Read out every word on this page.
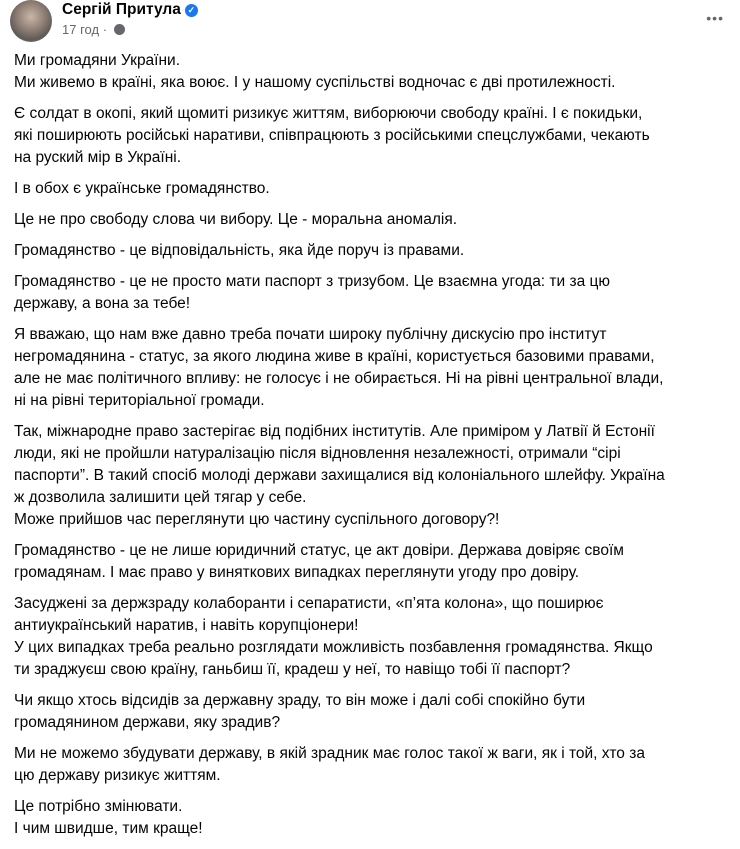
Сергій Притула ✓
17 год ·
•••
Ми громадяни України.
Ми живемо в країні, яка воює. І у нашому суспільстві водночас є дві протилежності.
Є солдат в окопі, який щомиті ризикує життям, виборюючи свободу країні. І є покидьки,
які поширюють російські наративи, співпрацюють з російськими спецслужбами, чекають
на руский мір в Україні.
І в обох є українське громадянство.
Це не про свободу слова чи вибору. Це - моральна аномалія.
Громадянство - це відповідальність, яка йде поруч із правами.
Громадянство - це не просто мати паспорт з тризубом. Це взаємна угода: ти за цю
державу, а вона за тебе!
Я вважаю, що нам вже давно треба почати широку публічну дискусію про інститут
негромадянина - статус, за якого людина живе в країні, користується базовими правами,
але не має політичного впливу: не голосує і не обирається. Ні на рівні центральної влади,
ні на рівні територіальної громади.
Так, міжнародне право застерігає від подібних інститутів. Але приміром у Латвії й Естонії
люди, які не пройшли натуралізацію після відновлення незалежності, отримали “сірі
паспорти”. В такий спосіб молоді держави захищалися від колоніального шлейфу. Україна
ж дозволила залишити цей тягар у себе.
Може прийшов час переглянути цю частину суспільного договору?!
Громадянство - це не лише юридичний статус, це акт довіри. Держава довіряє своїм
громадянам. І має право у виняткових випадках переглянути угоду про довіру.
Засуджені за держзраду колаборанти і сепаратисти, «п’ята колона», що поширює
антиукраїнський наратив, і навіть корупціонери!
У цих випадках треба реально розглядати можливість позбавлення громадянства. Якщо
ти зраджуєш свою країну, ганьбиш її, крадеш у неї, то навіщо тобі її паспорт?
Чи якщо хтось відсидів за державну зраду, то він може і далі собі спокійно бути
громадянином держави, яку зрадив?
Ми не можемо збудувати державу, в якій зрадник має голос такої ж ваги, як і той, хто за
цю державу ризикує життям.
Це потрібно змінювати.
І чим швидше, тим краще!
